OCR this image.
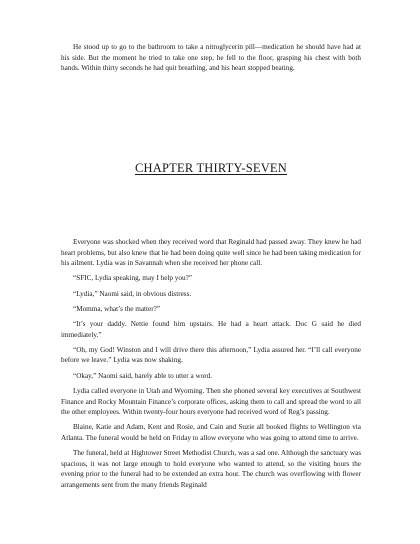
He stood up to go to the bathroom to take a nitroglycerin pill—medication he should have had at his side. But the moment he tried to take one step, he fell to the floor, grasping his chest with both hands. Within thirty seconds he had quit breathing, and his heart stopped beating.

CHAPTER THIRTY-SEVEN

Everyone was shocked when they received word that Reginald had passed away. They knew he had heart problems, but also knew that he had been doing quite well since he had been taking medication for his ailment. Lydia was in Savannah when she received her phone call.

“SFIC, Lydia speaking, may I help you?”

“Lydia,” Naomi said, in obvious distress.

“Momma, what’s the matter?”

“It’s your daddy. Nettie found him upstairs. He had a heart attack. Doc G said he died immediately.”

“Oh, my God! Winston and I will drive there this afternoon,” Lydia assured her. “I’ll call everyone before we leave.” Lydia was now shaking.

“Okay,” Naomi said, barely able to utter a word.

Lydia called everyone in Utah and Wyoming. Then she phoned several key executives at Southwest Finance and Rocky Mountain Finance’s corporate offices, asking them to call and spread the word to all the other employees. Within twenty-four hours everyone had received word of Reg’s passing.

Blaine, Katie and Adam, Kent and Rosie, and Cain and Suzie all booked flights to Wellington via Atlanta. The funeral would be held on Friday to allow everyone who was going to attend time to arrive.

The funeral, held at Hightower Street Methodist Church, was a sad one. Although the sanctuary was spacious, it was not large enough to hold everyone who wanted to attend, so the visiting hours the evening prior to the funeral had to be extended an extra hour. The church was overflowing with flower arrangements sent from the many friends Reginald
